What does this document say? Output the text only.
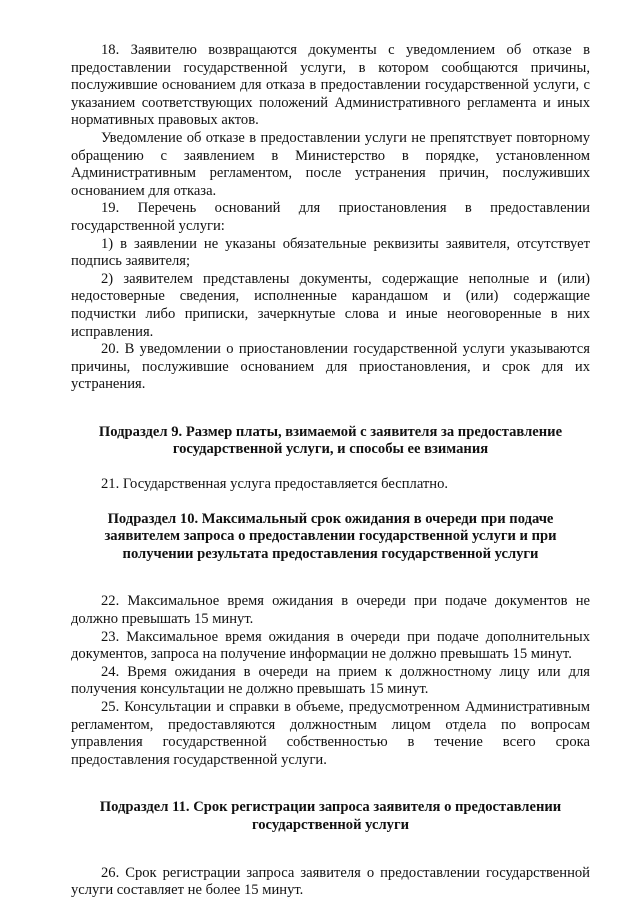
18. Заявителю возвращаются документы с уведомлением об отказе в предоставлении государственной услуги, в котором сообщаются причины, послужившие основанием для отказа в предоставлении государственной услуги, с указанием соответствующих положений Административного регламента и иных нормативных правовых актов.

Уведомление об отказе в предоставлении услуги не препятствует повторному обращению с заявлением в Министерство в порядке, установленном Административным регламентом, после устранения причин, послуживших основанием для отказа.

19. Перечень оснований для приостановления в предоставлении государственной услуги:

1) в заявлении не указаны обязательные реквизиты заявителя, отсутствует подпись заявителя;

2) заявителем представлены документы, содержащие неполные и (или) недостоверные сведения, исполненные карандашом и (или) содержащие подчистки либо приписки, зачеркнутые слова и иные неоговоренные в них исправления.

20. В уведомлении о приостановлении государственной услуги указываются причины, послужившие основанием для приостановления, и срок для их устранения.

Подраздел 9. Размер платы, взимаемой с заявителя за предоставление государственной услуги, и способы ее взимания

21. Государственная услуга предоставляется бесплатно.

Подраздел 10. Максимальный срок ожидания в очереди при подаче заявителем запроса о предоставлении государственной услуги и при получении результата предоставления государственной услуги

22. Максимальное время ожидания в очереди при подаче документов не должно превышать 15 минут.

23. Максимальное время ожидания в очереди при подаче дополнительных документов, запроса на получение информации не должно превышать 15 минут.

24. Время ожидания в очереди на прием к должностному лицу или для получения консультации не должно превышать 15 минут.

25. Консультации и справки в объеме, предусмотренном Административным регламентом, предоставляются должностным лицом отдела по вопросам управления государственной собственностью в течение всего срока предоставления государственной услуги.

Подраздел 11. Срок регистрации запроса заявителя о предоставлении государственной услуги

26. Срок регистрации запроса заявителя о предоставлении государственной услуги составляет не более 15 минут.
